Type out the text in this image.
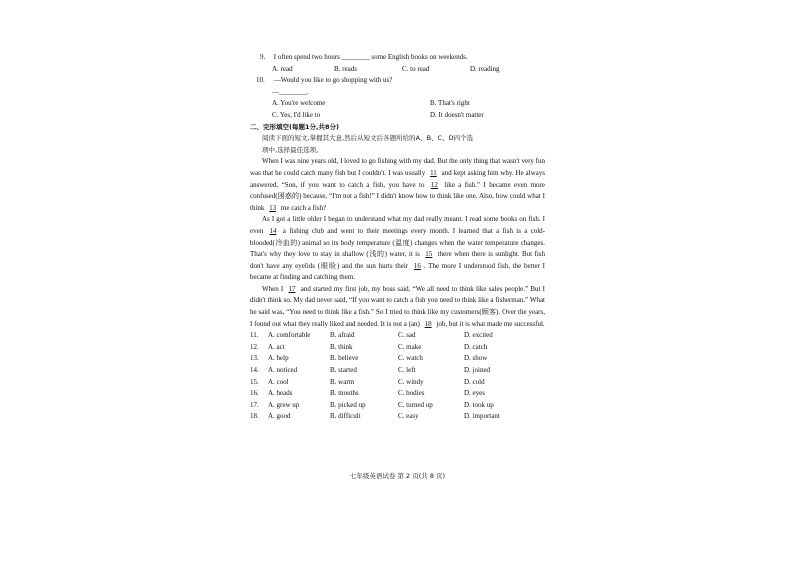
9. I often spend two hours ________ some English books on weekends.
A. read	B. reads	C. to read	D. reading
10. —Would you like to go shopping with us?
—________.
A. You're welcome	B. That's right
C. Yes, I'd like to	D. It doesn't matter
二、完形填空(每题1分,共8分)
阅读下面的短文,掌握其大意,然后从短文后各题所给的A、B、C、D四个选
项中,选择最佳选项。
When I was nine years old, I loved to go fishing with my dad. But the only thing that wasn't very fun was that he could catch many fish but I couldn't. I was usually 11 and kept asking him why. He always answered, “Son, if you want to catch a fish, you have to 12 like a fish.” I became even more confused(困惑的) because, “I'm not a fish!” I didn't know how to think like one. Also, how could what I think 13 me catch a fish?
As I got a little older I began to understand what my dad really meant. I read some books on fish. I even 14 a fishing club and went to their meetings every month. I learned that a fish is a cold-blooded(冷血的) animal so its body temperature (温度) changes when the water temperature changes. That's why they love to stay in shallow (浅的) water, it is 15 there when there is sunlight. But fish don't have any eyelids (眼睑) and the sun hurts their 16 . The more I understood fish, the better I became at finding and catching them.
When I 17 and started my first job, my boss said, “We all need to think like sales people.” But I didn't think so. My dad never said, “If you want to catch a fish you need to think like a fisherman.” What he said was, “You need to think like a fish.” So I tried to think like my customers(顾客). Over the years, I found out what they really liked and needed. It is not a (an) 18 job, but it is what made me successful.
11.	A. comfortable	B. afraid	C. sad	D. excited
12.	A. act	B. think	C. make	D. catch
13.	A. help	B. believe	C. watch	D. show
14.	A. noticed	B. started	C. left	D. joined
15.	A. cool	B. warm	C. windy	D. cold
16.	A. heads	B. mouths	C. bodies	D. eyes
17.	A. grew up	B. picked up	C. turned up	D. took up
18.	A. good	B. difficult	C. easy	D. important
七年级英语试卷 第 2 页(共 8 页)
